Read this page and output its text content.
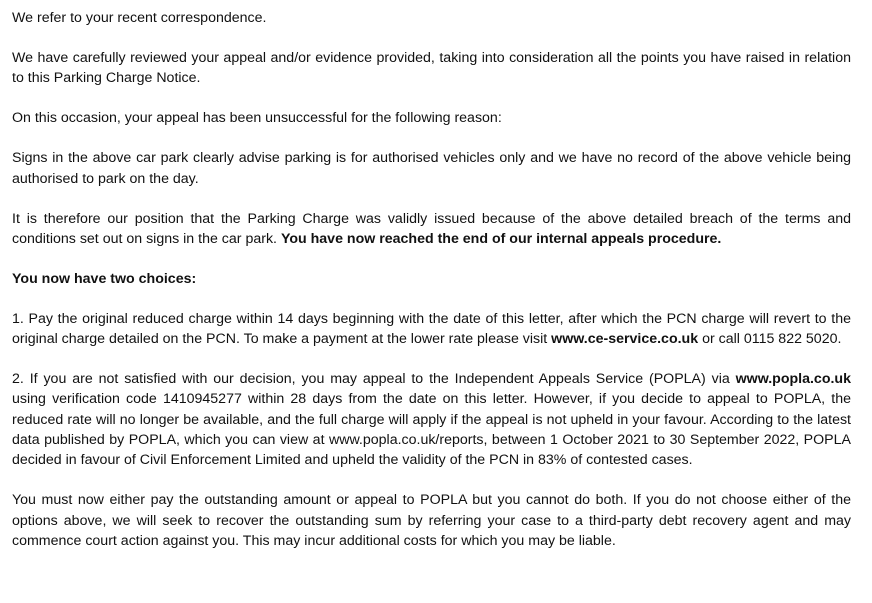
We refer to your recent correspondence.

We have carefully reviewed your appeal and/or evidence provided, taking into consideration all the points you have raised in relation to this Parking Charge Notice.

On this occasion, your appeal has been unsuccessful for the following reason:

Signs in the above car park clearly advise parking is for authorised vehicles only and we have no record of the above vehicle being authorised to park on the day.

It is therefore our position that the Parking Charge was validly issued because of the above detailed breach of the terms and conditions set out on signs in the car park. You have now reached the end of our internal appeals procedure.

You now have two choices:

1. Pay the original reduced charge within 14 days beginning with the date of this letter, after which the PCN charge will revert to the original charge detailed on the PCN. To make a payment at the lower rate please visit www.ce-service.co.uk or call 0115 822 5020.

2. If you are not satisfied with our decision, you may appeal to the Independent Appeals Service (POPLA) via www.popla.co.uk using verification code 1410945277 within 28 days from the date on this letter. However, if you decide to appeal to POPLA, the reduced rate will no longer be available, and the full charge will apply if the appeal is not upheld in your favour. According to the latest data published by POPLA, which you can view at www.popla.co.uk/reports, between 1 October 2021 to 30 September 2022, POPLA decided in favour of Civil Enforcement Limited and upheld the validity of the PCN in 83% of contested cases.

You must now either pay the outstanding amount or appeal to POPLA but you cannot do both. If you do not choose either of the options above, we will seek to recover the outstanding sum by referring your case to a third-party debt recovery agent and may commence court action against you. This may incur additional costs for which you may be liable.
